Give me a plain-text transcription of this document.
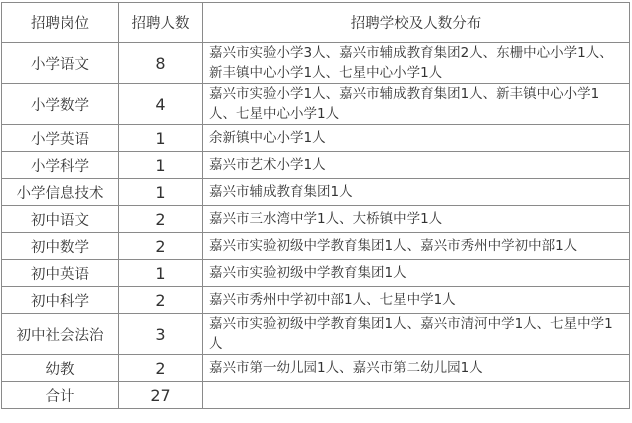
招聘岗位	招聘人数	招聘学校及人数分布
小学语文	8	嘉兴市实验小学3人、嘉兴市辅成教育集团2人、东栅中心小学1人、新丰镇中心小学1人、七星中心小学1人
小学数学	4	嘉兴市实验小学1人、嘉兴市辅成教育集团1人、新丰镇中心小学1人、七星中心小学1人
小学英语	1	余新镇中心小学1人
小学科学	1	嘉兴市艺术小学1人
小学信息技术	1	嘉兴市辅成教育集团1人
初中语文	2	嘉兴市三水湾中学1人、大桥镇中学1人
初中数学	2	嘉兴市实验初级中学教育集团1人、嘉兴市秀州中学初中部1人
初中英语	1	嘉兴市实验初级中学教育集团1人
初中科学	2	嘉兴市秀州中学初中部1人、七星中学1人
初中社会法治	3	嘉兴市实验初级中学教育集团1人、嘉兴市清河中学1人、七星中学1人
幼教	2	嘉兴市第一幼儿园1人、嘉兴市第二幼儿园1人
合计	27	
